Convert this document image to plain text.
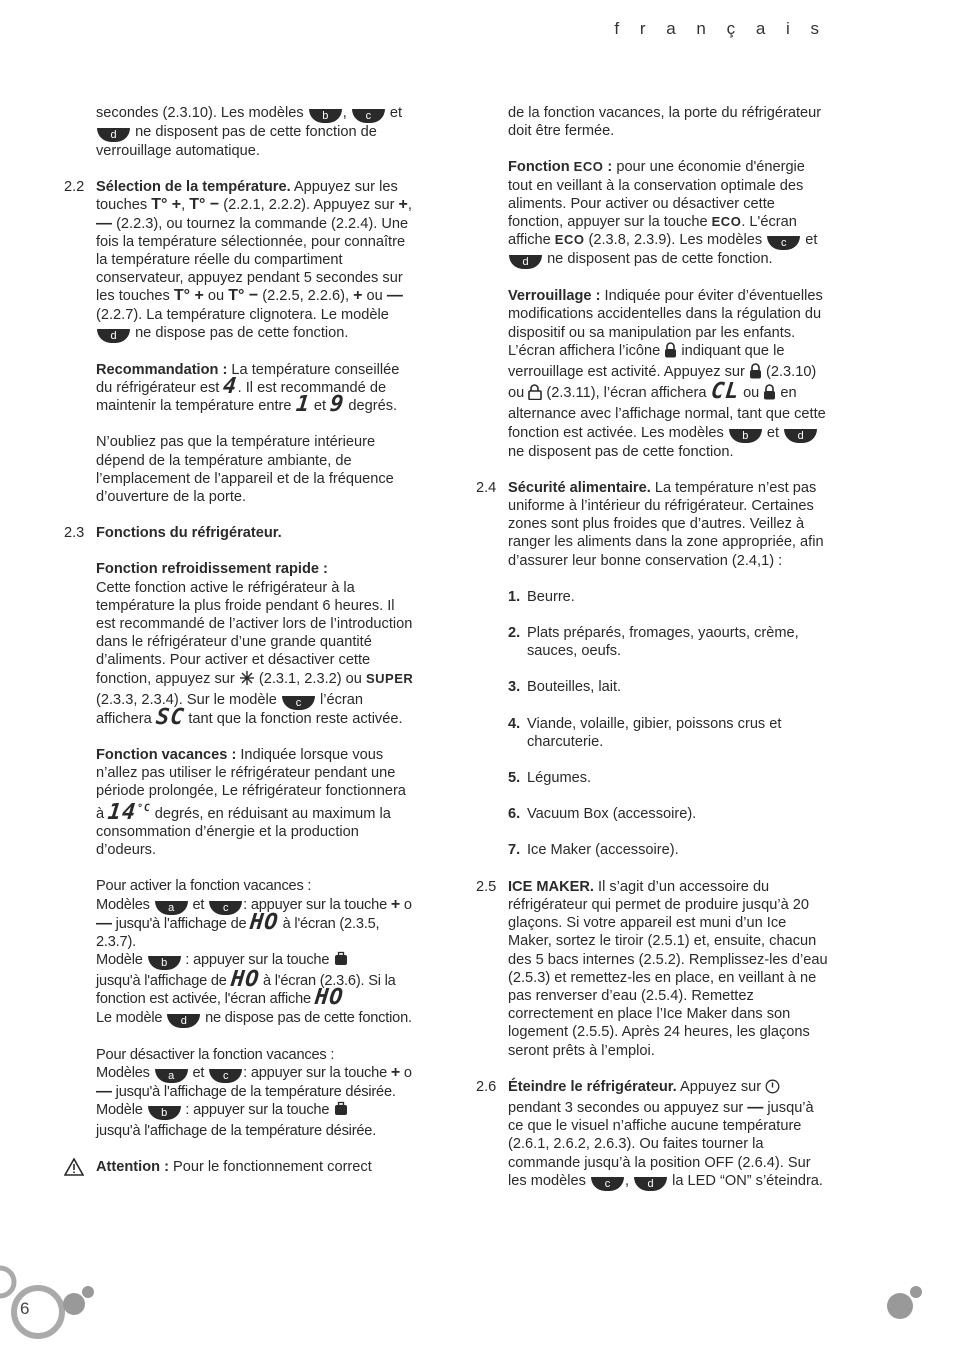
f r a n ç a i s

secondes (2.3.10). Les modèles b , c et d ne disposent pas de cette fonction de verrouillage automatique.

2.2 Sélection de la température. Appuyez sur les touches T° +, T° − (2.2.1, 2.2.2). Appuyez sur +, — (2.2.3), ou tournez la commande (2.2.4). Une fois la température sélectionnée, pour connaître la température réelle du compartiment conservateur, appuyez pendant 5 secondes sur les touches T° + ou T° − (2.2.5, 2.2.6), + ou — (2.2.7). La température clignotera. Le modèle d ne dispose pas de cette fonction.

Recommandation : La température conseillée du réfrigérateur est 4. Il est recommandé de maintenir la température entre 1 et 9 degrés.

N’oubliez pas que la température intérieure dépend de la température ambiante, de l’emplacement de l’appareil et de la fréquence d’ouverture de la porte.

2.3 Fonctions du réfrigérateur.

Fonction refroidissement rapide :
Cette fonction active le réfrigérateur à la température la plus froide pendant 6 heures. Il est recommandé de l’activer lors de l’introduction dans le réfrigérateur d’une grande quantité d’aliments. Pour activer et désactiver cette fonction, appuyez sur (2.3.1, 2.3.2) ou SUPER (2.3.3, 2.3.4). Sur le modèle c l’écran affichera SC tant que la fonction reste activée.

Fonction vacances : Indiquée lorsque vous n’allez pas utiliser le réfrigérateur pendant une période prolongée, Le réfrigérateur fonctionnera à $14^{^\circ C}$ degrés, en réduisant au maximum la consommation d’énergie et la production d’odeurs.

Pour activer la fonction vacances :
Modèles a et c : appuyer sur la touche + o — jusqu'à l'affichage de HO à l'écran (2.3.5, 2.3.7).
Modèle b : appuyer sur la touche
jusqu'à l'affichage de HO à l'écran (2.3.6). Si la fonction est activée, l'écran affiche HO
Le modèle d ne dispose pas de cette fonction.

Pour désactiver la fonction vacances :
Modèles a et c : appuyer sur la touche + o — jusqu'à l'affichage de la température désirée.
Modèle b : appuyer sur la touche
jusqu'à l'affichage de la température désirée.

Attention : Pour le fonctionnement correct

de la fonction vacances, la porte du réfrigérateur doit être fermée.

Fonction ECO : pour une économie d'énergie tout en veillant à la conservation optimale des aliments. Pour activer ou désactiver cette fonction, appuyer sur la touche ECO. L'écran affiche ECO (2.3.8, 2.3.9). Les modèles c et d ne disposent pas de cette fonction.

Verrouillage : Indiquée pour éviter d’éventuelles modifications accidentelles dans la régulation du dispositif ou sa manipulation par les enfants. L’écran affichera l’icône indiquant que le verrouillage est activité. Appuyez sur (2.3.10) ou (2.3.11), l’écran affichera CL ou en alternance avec l’affichage normal, tant que cette fonction est activée. Les modèles b et d ne disposent pas de cette fonction.

2.4 Sécurité alimentaire. La température n’est pas uniforme à l’intérieur du réfrigérateur. Certaines zones sont plus froides que d’autres. Veillez à ranger les aliments dans la zone appropriée, afin d’assurer leur bonne conservation (2.4,1) :
1. Beurre.
2. Plats préparés, fromages, yaourts, crème, sauces, oeufs.
3. Bouteilles, lait.
4. Viande, volaille, gibier, poissons crus et charcuterie.
5. Légumes.
6. Vacuum Box (accessoire).
7. Ice Maker (accessoire).
2.5 ICE MAKER. Il s’agit d’un accessoire du réfrigérateur qui permet de produire jusqu’à 20 glaçons. Si votre appareil est muni d’un Ice Maker, sortez le tiroir (2.5.1) et, ensuite, chacun des 5 bacs internes (2.5.2). Remplissez-les d’eau (2.5.3) et remettez-les en place, en veillant à ne pas renverser d’eau (2.5.4). Remettez correctement en place l’Ice Maker dans son logement (2.5.5). Après 24 heures, les glaçons seront prêts à l’emploi.
2.6 Éteindre le réfrigérateur. Appuyez sur  pendant 3 secondes ou appuyez sur — jusqu’à ce que le visuel n’affiche aucune température (2.6.1, 2.6.2, 2.6.3). Ou faites tourner la commande jusqu’à la position OFF (2.6.4). Sur les modèles c , d la LED “ON” s’éteindra.
6
